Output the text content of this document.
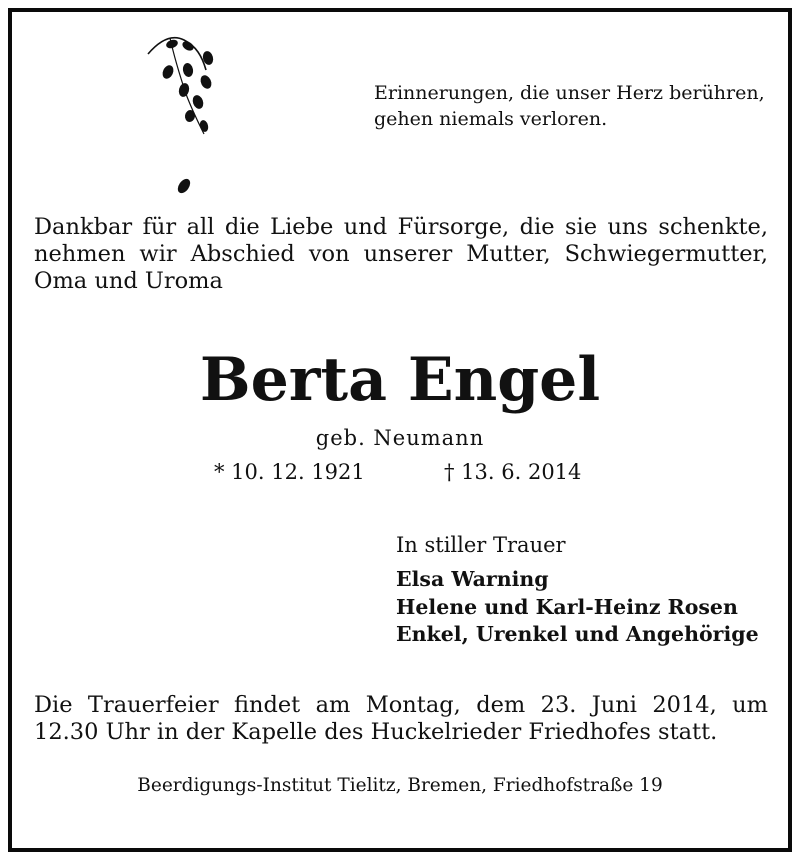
Erinnerungen, die unser Herz berühren,
gehen niemals verloren.
Dankbar für all die Liebe und Fürsorge, die sie uns schenkte,
nehmen wir Abschied von unserer Mutter, Schwiegermutter,
Oma und Uroma
Berta Engel
geb. Neumann
* 10. 12. 1921	† 13. 6. 2014
In stiller Trauer
Elsa Warning
Helene und Karl-Heinz Rosen
Enkel, Urenkel und Angehörige
Die Trauerfeier findet am Montag, dem 23. Juni 2014, um
12.30 Uhr in der Kapelle des Huckelrieder Friedhofes statt.
Beerdigungs-Institut Tielitz, Bremen, Friedhofstraße 19
